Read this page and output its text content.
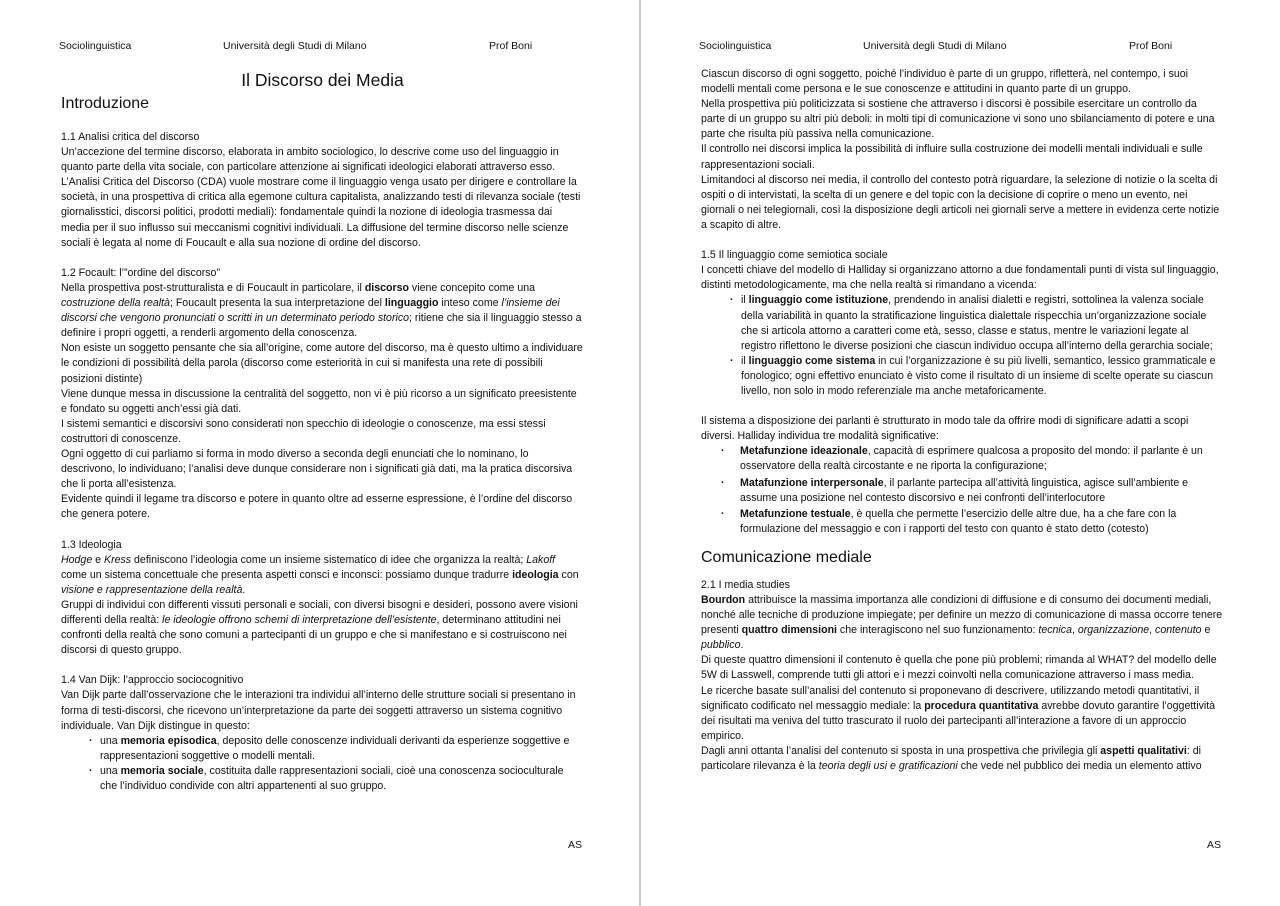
Sociolinguistica	Università degli Studi di Milano	Prof Boni
Il Discorso dei Media
Introduzione

1.1 Analisi critica del discorso

Un’accezione del termine discorso, elaborata in ambito sociologico, lo descrive come uso del linguaggio in quanto parte della vita sociale, con particolare attenzione ai significati ideologici elaborati attraverso esso. L’Analisi Critica del Discorso (CDA) vuole mostrare come il linguaggio venga usato per dirigere e controllare la società, in una prospettiva di critica alla egemone cultura capitalista, analizzando testi di rilevanza sociale (testi giornalisstici, discorsi politici, prodotti mediali): fondamentale quindi la nozione di ideologia trasmessa dai media per il suo influsso sui meccanismi cognitivi individuali. La diffusione del termine discorso nelle scienze sociali è legata al nome di Foucault e alla sua nozione di ordine del discorso.

1.2 Focault: l’”ordine del discorso”

Nella prospettiva post-strutturalista e di Foucault in particolare, il discorso viene concepito come una costruzione della realtà; Foucault presenta la sua interpretazione del linguaggio inteso come l’insieme dei discorsi che vengono pronunciati o scritti in un determinato periodo storico; ritiene che sia il linguaggio stesso a definire i propri oggetti, a renderli argomento della conoscenza.

Non esiste un soggetto pensante che sia all’origine, come autore del discorso, ma è questo ultimo a individuare le condizioni di possibilità della parola (discorso come esteriorità in cui si manifesta una rete di possibili posizioni distinte)

Viene dunque messa in discussione la centralità del soggetto, non vi è più ricorso a un significato preesistente e fondato su oggetti anch’essi già dati.

I sistemi semantici e discorsivi sono considerati non specchio di ideologie o conoscenze, ma essi stessi costruttori di conoscenze.

Ogni oggetto di cui parliamo si forma in modo diverso a seconda degli enunciati che lo nominano, lo descrivono, lo individuano; l’analisi deve dunque considerare non i significati già dati, ma la pratica discorsiva che li porta all’esistenza.

Evidente quindi il legame tra discorso e potere in quanto oltre ad esserne espressione, è l’ordine del discorso che genera potere.

1.3 Ideologia

Hodge e Kress definiscono l’ideologia come un insieme sistematico di idee che organizza la realtà; Lakoff come un sistema concettuale che presenta aspetti consci e inconsci: possiamo dunque tradurre ideologia con visione e rappresentazione della realtà.

Gruppi di individui con differenti vissuti personali e sociali, con diversi bisogni e desideri, possono avere visioni differenti della realtà: le ideologie offrono schemi di interpretazione dell’esistente, determinano attitudini nei confronti della realtà che sono comuni a partecipanti di un gruppo e che si manifestano e si costruiscono nei discorsi di questo gruppo.

1.4 Van Dijk: l’approccio sociocognitivo

Van Dijk parte dall’osservazione che le interazioni tra individui all’interno delle strutture sociali si presentano in forma di testi-discorsi, che ricevono un’interpretazione da parte dei soggetti attraverso un sistema cognitivo individuale. Van Dijk distingue in questo:

· una memoria episodica, deposito delle conoscenze individuali derivanti da esperienze soggettive e rappresentazioni soggettive o modelli mentali.
· una memoria sociale, costituita dalle rappresentazioni sociali, cioè una conoscenza socioculturale che l’individuo condivide con altri appartenenti al suo gruppo.
AS
Sociolinguistica	Università degli Studi di Milano	Prof Boni

Ciascun discorso di ogni soggetto, poiché l’individuo è parte di un gruppo, rifletterà, nel contempo, i suoi modelli mentali come persona e le sue conoscenze e attitudini in quanto parte di un gruppo.

Nella prospettiva più politicizzata si sostiene che attraverso i discorsi è possibile esercitare un controllo da parte di un gruppo su altri più deboli: in molti tipi di comunicazione vi sono uno sbilanciamento di potere e una parte che risulta più passiva nella comunicazione.

Il controllo nei discorsi implica la possibilità di influire sulla costruzione dei modelli mentali individuali e sulle rappresentazioni sociali.

Limitandoci al discorso nei media, il controllo del contesto potrà riguardare, la selezione di notizie o la scelta di ospiti o di intervistati, la scelta di un genere e del topic con la decisione di coprire o meno un evento, nei giornali o nei telegiornali, così la disposizione degli articoli nei giornali serve a mettere in evidenza certe notizie a scapito di altre.

1.5 Il linguaggio come semiotica sociale

I concetti chiave del modello di Halliday si organizzano attorno a due fondamentali punti di vista sul linguaggio, distinti metodologicamente, ma che nella realtà si rimandano a vicenda:

· il linguaggio come istituzione, prendendo in analisi dialetti e registri, sottolinea la valenza sociale della variabilità in quanto la stratificazione linguistica dialettale rispecchia un’organizzazione sociale che si articola attorno a caratteri come età, sesso, classe e status, mentre le variazioni legate al registro riflettono le diverse posizioni che ciascun individuo occupa all’interno della gerarchia sociale;
· il linguaggio come sistema in cui l’organizzazione è su più livelli, semantico, lessico grammaticale e fonologico; ogni effettivo enunciato è visto come il risultato di un insieme di scelte operate su ciascun livello, non solo in modo referenziale ma anche metaforicamente.

Il sistema a disposizione dei parlanti è strutturato in modo tale da offrire modi di significare adatti a scopi diversi. Halliday individua tre modalità significative:

· Metafunzione ideazionale, capacità di esprimere qualcosa a proposito del mondo: il parlante è un osservatore della realtà circostante e ne riporta la configurazione;
· Matafunzione interpersonale, il parlante partecipa all’attività linguistica, agisce sull’ambiente e assume una posizione nel contesto discorsivo e nei confronti dell’interlocutore
· Metafunzione testuale, è quella che permette l’esercizio delle altre due, ha a che fare con la formulazione del messaggio e con i rapporti del testo con quanto è stato detto (cotesto)

Comunicazione mediale

2.1 I media studies

Bourdon attribuisce la massima importanza alle condizioni di diffusione e di consumo dei documenti mediali, nonché alle tecniche di produzione impiegate; per definire un mezzo di comunicazione di massa occorre tenere presenti quattro dimensioni che interagiscono nel suo funzionamento: tecnica, organizzazione, contenuto e pubblico.

Di queste quattro dimensioni il contenuto è quella che pone più problemi; rimanda al WHAT? del modello delle 5W di Lasswell, comprende tutti gli attori e i mezzi coinvolti nella comunicazione attraverso i mass media.

Le ricerche basate sull’analisi del contenuto si proponevano di descrivere, utilizzando metodi quantitativi, il significato codificato nel messaggio mediale: la procedura quantitativa avrebbe dovuto garantire l’oggettività dei risultati ma veniva del tutto trascurato il ruolo dei partecipanti all’interazione a favore di un approccio empirico.

Dagli anni ottanta l’analisi del contenuto si sposta in una prospettiva che privilegia gli aspetti qualitativi: di particolare rilevanza è la teoria degli usi e gratificazioni che vede nel pubblico dei media un elemento attivo

AS
